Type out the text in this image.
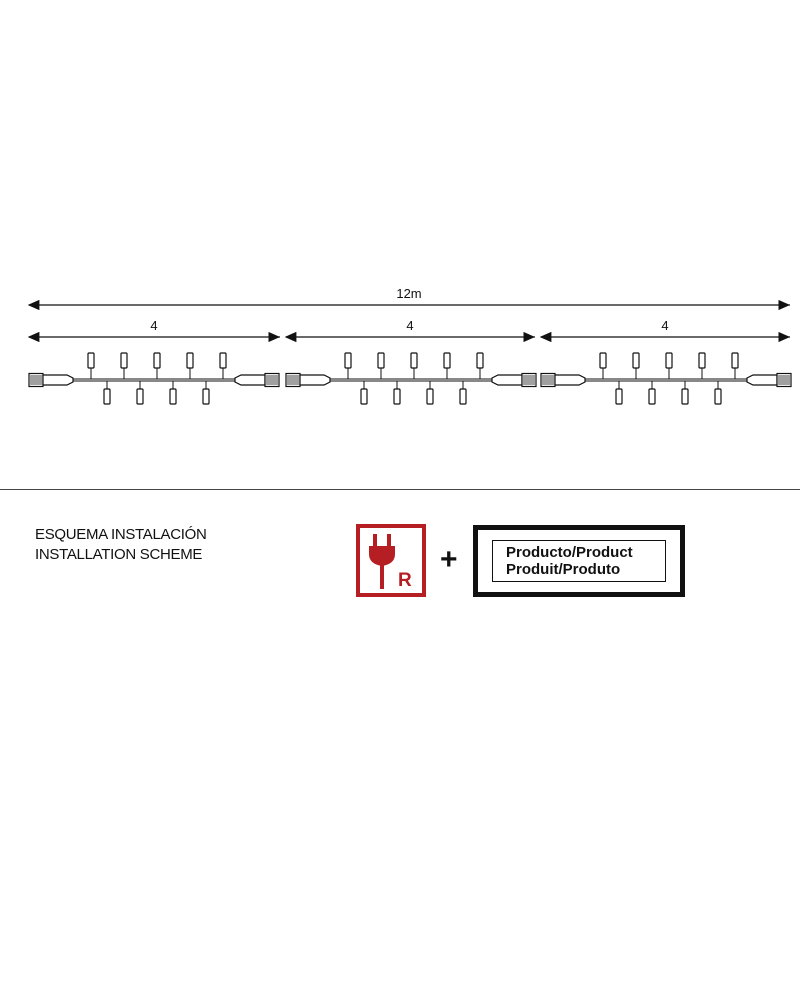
12m
4	4	4
ESQUEMA INSTALACIÓN
INSTALLATION SCHEME
R
+	Producto/Product
Produit/Produto
